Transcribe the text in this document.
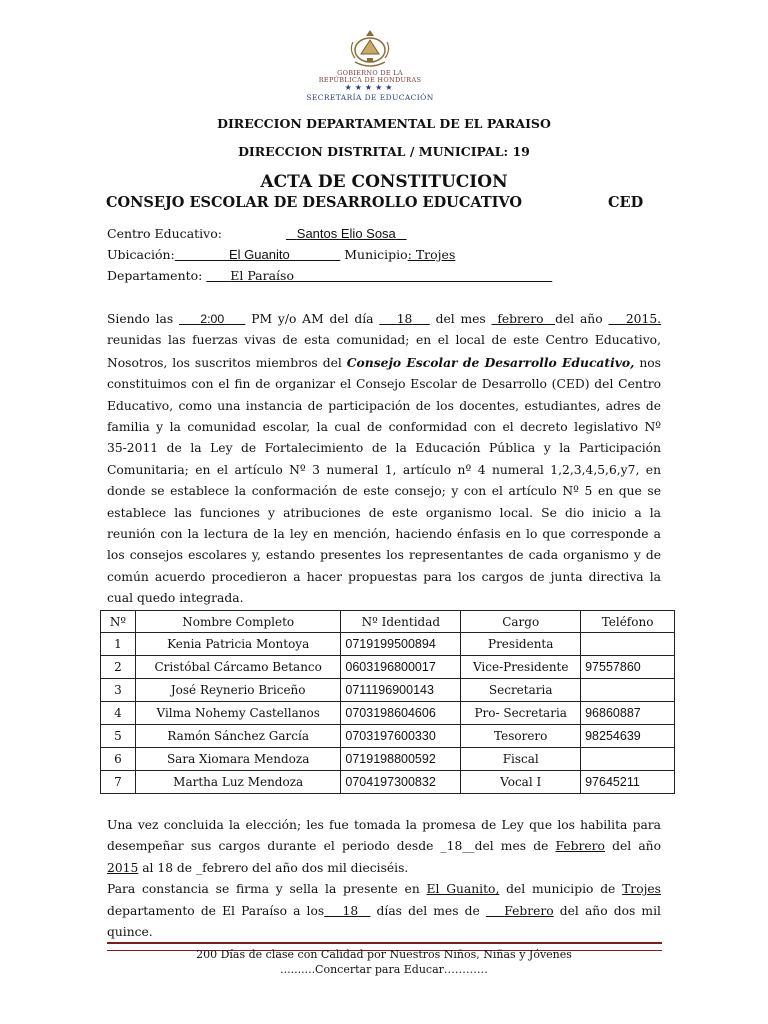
GOBIERNO DE LA
REPÚBLICA DE HONDURAS
★★★★★
SECRETARÍA DE EDUCACIÓN
DIRECCION DEPARTAMENTAL DE EL PARAISO
DIRECCION DISTRITAL / MUNICIPAL: 19
ACTA DE CONSTITUCION
CONSEJO ESCOLAR DE DESARROLLO EDUCATIVO	CED
Centro Educativo:	Santos Elio Sosa
Ubicación:	El Guanito	Municipio: Trojes
Departamento: El Paraíso
Siendo las 2:00 PM y/o AM del día 18 del mes febrero del año 2015.
reunidas las fuerzas vivas de esta comunidad; en el local de este Centro Educativo,
Nosotros, los suscritos miembros del Consejo Escolar de Desarrollo Educativo, nos
constituimos con el fin de organizar el Consejo Escolar de Desarrollo (CED) del Centro
Educativo, como una instancia de participación de los docentes, estudiantes, adres de
familia y la comunidad escolar, la cual de conformidad con el decreto legislativo Nº
35-2011 de la Ley de Fortalecimiento de la Educación Pública y la Participación
Comunitaria; en el artículo Nº 3 numeral 1, artículo nº 4 numeral 1,2,3,4,5,6,y7, en
donde se establece la conformación de este consejo; y con el artículo Nº 5 en que se
establece las funciones y atribuciones de este organismo local. Se dio inicio a la
reunión con la lectura de la ley en mención, haciendo énfasis en lo que corresponde a
los consejos escolares y, estando presentes los representantes de cada organismo y de
común acuerdo procedieron a hacer propuestas para los cargos de junta directiva la
cual quedo integrada.
Nº	Nombre Completo	Nº Identidad	Cargo	Teléfono
1	Kenia Patricia Montoya	0719199500894	Presidenta	
2	Cristóbal Cárcamo Betanco	0603196800017	Vice-Presidente	97557860
3	José Reynerio Briceño	0711196900143	Secretaria	
4	Vilma Nohemy Castellanos	0703198604606	Pro- Secretaria	96860887
5	Ramón Sánchez García	0703197600330	Tesorero	98254639
6	Sara Xiomara Mendoza	0719198800592	Fiscal	
7	Martha Luz Mendoza	0704197300832	Vocal I	97645211
Una vez concluida la elección; les fue tomada la promesa de Ley que los habilita para
desempeñar sus cargos durante el periodo desde _18__del mes de Febrero del año
2015 al 18 de _febrero del año dos mil dieciséis.
Para constancia se firma y sella la presente en El Guanito, del municipio de Trojes
departamento de El Paraíso a los 18 días del mes de Febrero del año dos mil
quince.
200 Días de clase con Calidad por Nuestros Niños, Niñas y Jóvenes
..........Concertar para Educar…………
